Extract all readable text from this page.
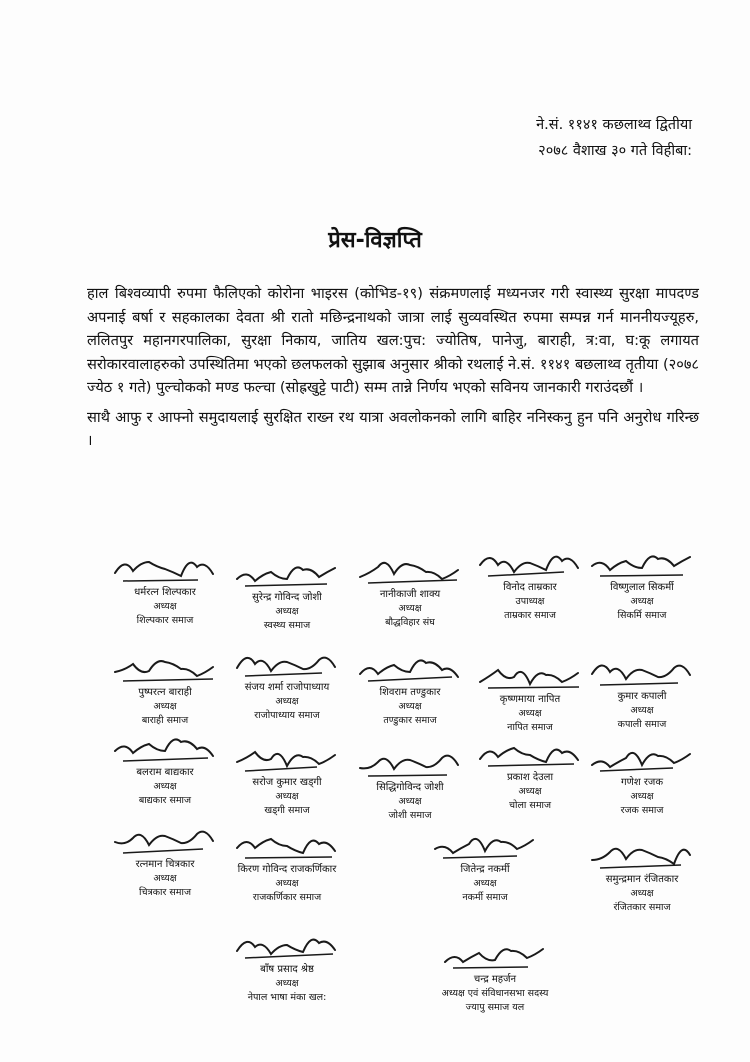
ने.सं. ११४१ कछलाथ्व द्वितीया
२०७८ वैशाख ३० गते विहीबा:
प्रेस-विज्ञप्ति

हाल बिश्वव्यापी रुपमा फैलिएको कोरोना भाइरस (कोभिड-१९) संक्रमणलाई मध्यनजर गरी स्वास्थ्य सुरक्षा मापदण्ड अपनाई बर्षा र सहकालका देवता श्री रातो मछिन्द्रनाथको जात्रा लाई सुव्यवस्थित रुपमा सम्पन्न गर्न माननीयज्यूहरु, ललितपुर महानगरपालिका, सुरक्षा निकाय, जातिय खल:पुच: ज्योतिष, पानेजु, बाराही, त्र:वा, घ:कू लगायत सरोकारवालाहरुको उपस्थितिमा भएको छलफलको सुझाब अनुसार श्रीको रथलाई ने.सं. ११४१ बछलाथ्व तृतीया (२०७८ ज्येठ १ गते) पुल्चोकको मण्ड फल्चा (सोह्रखुट्टे पाटी) सम्म तान्ने निर्णय भएको सविनय जानकारी गराउंदछौं ।

साथै आफु र आफ्नो समुदायलाई सुरक्षित राख्न रथ यात्रा अवलोकनको लागि बाहिर ननिस्कनु हुन पनि अनुरोध गरिन्छ ।

धर्मरत्न शिल्पकार
अध्यक्ष
शिल्पकार समाज
सुरेन्द्र गोविन्द जोशी
अध्यक्ष
स्वस्थ्य समाज
नानीकाजी शाक्य
अध्यक्ष
बौद्धविहार संघ
विनोद ताम्रकार
उपाध्यक्ष
ताम्रकार समाज
विष्णुलाल सिकर्मी
अध्यक्ष
सिकर्मि समाज
पुष्परत्न बाराही
अध्यक्ष
बाराही समाज
संजय शर्मा राजोपाध्याय
अध्यक्ष
राजोपाध्याय समाज
शिवराम तण्डुकार
अध्यक्ष
तण्डुकार समाज
कृष्णमाया नापित
अध्यक्ष
नापित समाज
कुमार कपाली
अध्यक्ष
कपाली समाज
बलराम बाद्यकार
अध्यक्ष
बाद्यकार समाज
सरोज कुमार खड्गी
अध्यक्ष
खड्गी समाज
सिद्धिगोविन्द जोशी
अध्यक्ष
जोशी समाज
प्रकाश देउला
अध्यक्ष
चोला समाज
गणेश रजक
अध्यक्ष
रजक समाज
रत्नमान चित्रकार
अध्यक्ष
चित्रकार समाज
किरण गोविन्द राजकर्णिकार
अध्यक्ष
राजकर्णिकार समाज
जितेन्द्र नकर्मी
अध्यक्ष
नकर्मी समाज
समुन्द्रमान रंजितकार
अध्यक्ष
रंजितकार समाज
बाँष प्रसाद श्रेष्ठ
अध्यक्ष
नेपाल भाषा मंका खल:
चन्द्र महर्जन
अध्यक्ष एवं संविधानसभा सदस्य
ज्यापु समाज यल
